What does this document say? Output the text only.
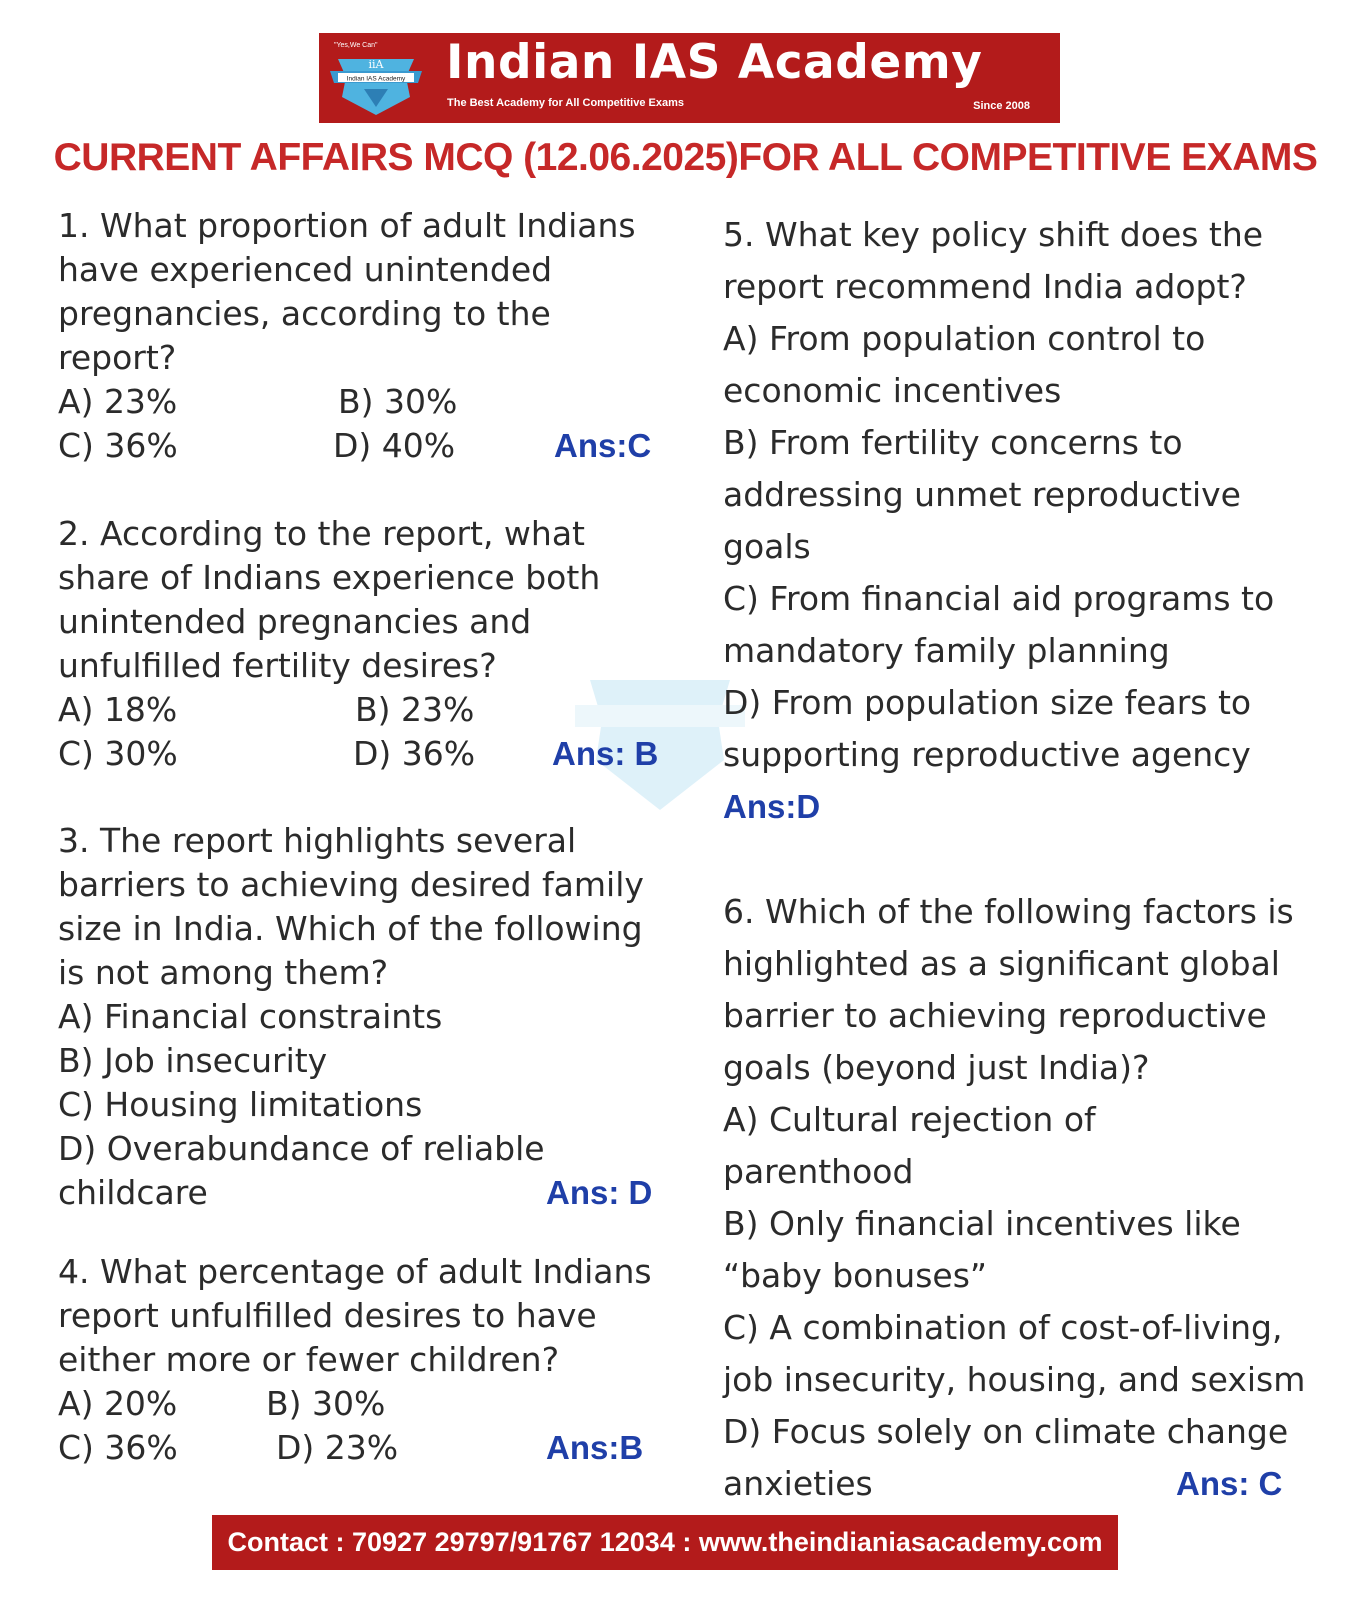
"Yes,We Can"
iiA
Indian IAS Academy Indian IAS Academy
The Best Academy for All Competitive Exams	Since 2008
CURRENT AFFAIRS MCQ (12.06.2025)FOR ALL COMPETITIVE EXAMS
1. What proportion of adult Indians
have experienced unintended
pregnancies, according to the
report?
A) 23%	B) 30%
C) 36%	D) 40%	Ans:C
2. According to the report, what
share of Indians experience both
unintended pregnancies and
unfulfilled fertility desires?
A) 18%	B) 23%
C) 30%	D) 36% Ans: B
3. The report highlights several
barriers to achieving desired family
size in India. Which of the following
is not among them?
A) Financial constraints
B) Job insecurity
C) Housing limitations
D) Overabundance of reliable
childcare	Ans: D
4. What percentage of adult Indians
report unfulfilled desires to have
either more or fewer children?
A) 20%	B) 30%
C) 36%	D) 23%	Ans:B
5. What key policy shift does the
report recommend India adopt?
A) From population control to
economic incentives
B) From fertility concerns to
addressing unmet reproductive
goals
C) From financial aid programs to
mandatory family planning
D) From population size fears to
supporting reproductive agency
Ans:D
6. Which of the following factors is
highlighted as a significant global
barrier to achieving reproductive
goals (beyond just India)?
A) Cultural rejection of
parenthood
B) Only financial incentives like
“baby bonuses”
C) A combination of cost-of-living,
job insecurity, housing, and sexism
D) Focus solely on climate change
anxieties	Ans: C
Contact : 70927 29797/91767 12034 : www.theindianiasacademy.com
